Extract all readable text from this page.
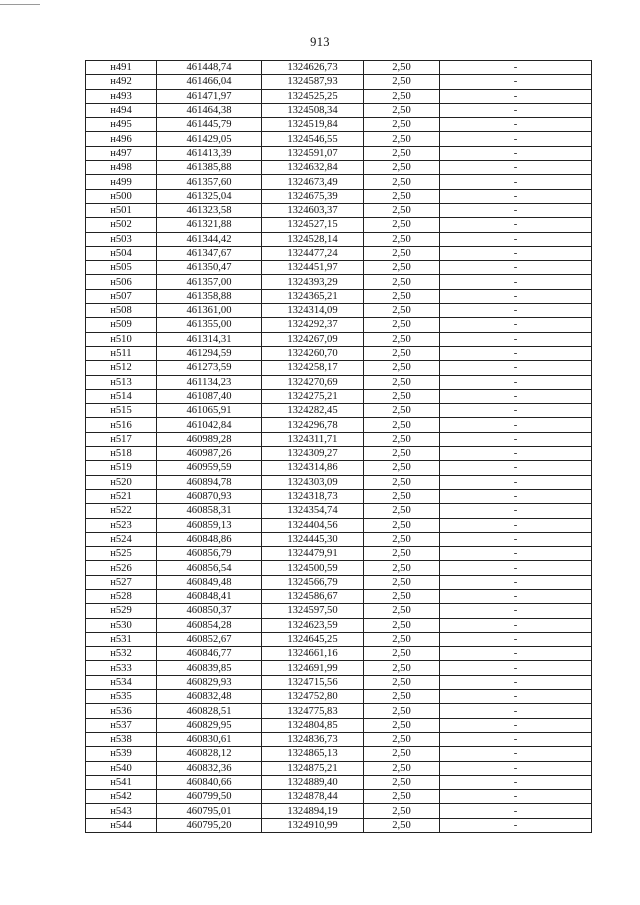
913
н491	461448,74	1324626,73	2,50	-
н492	461466,04	1324587,93	2,50	-
н493	461471,97	1324525,25	2,50	-
н494	461464,38	1324508,34	2,50	-
н495	461445,79	1324519,84	2,50	-
н496	461429,05	1324546,55	2,50	-
н497	461413,39	1324591,07	2,50	-
н498	461385,88	1324632,84	2,50	-
н499	461357,60	1324673,49	2,50	-
н500	461325,04	1324675,39	2,50	-
н501	461323,58	1324603,37	2,50	-
н502	461321,88	1324527,15	2,50	-
н503	461344,42	1324528,14	2,50	-
н504	461347,67	1324477,24	2,50	-
н505	461350,47	1324451,97	2,50	-
н506	461357,00	1324393,29	2,50	-
н507	461358,88	1324365,21	2,50	-
н508	461361,00	1324314,09	2,50	-
н509	461355,00	1324292,37	2,50	-
н510	461314,31	1324267,09	2,50	-
н511	461294,59	1324260,70	2,50	-
н512	461273,59	1324258,17	2,50	-
н513	461134,23	1324270,69	2,50	-
н514	461087,40	1324275,21	2,50	-
н515	461065,91	1324282,45	2,50	-
н516	461042,84	1324296,78	2,50	-
н517	460989,28	1324311,71	2,50	-
н518	460987,26	1324309,27	2,50	-
н519	460959,59	1324314,86	2,50	-
н520	460894,78	1324303,09	2,50	-
н521	460870,93	1324318,73	2,50	-
н522	460858,31	1324354,74	2,50	-
н523	460859,13	1324404,56	2,50	-
н524	460848,86	1324445,30	2,50	-
н525	460856,79	1324479,91	2,50	-
н526	460856,54	1324500,59	2,50	-
н527	460849,48	1324566,79	2,50	-
н528	460848,41	1324586,67	2,50	-
н529	460850,37	1324597,50	2,50	-
н530	460854,28	1324623,59	2,50	-
н531	460852,67	1324645,25	2,50	-
н532	460846,77	1324661,16	2,50	-
н533	460839,85	1324691,99	2,50	-
н534	460829,93	1324715,56	2,50	-
н535	460832,48	1324752,80	2,50	-
н536	460828,51	1324775,83	2,50	-
н537	460829,95	1324804,85	2,50	-
н538	460830,61	1324836,73	2,50	-
н539	460828,12	1324865,13	2,50	-
н540	460832,36	1324875,21	2,50	-
н541	460840,66	1324889,40	2,50	-
н542	460799,50	1324878,44	2,50	-
н543	460795,01	1324894,19	2,50	-
н544	460795,20	1324910,99	2,50	-
